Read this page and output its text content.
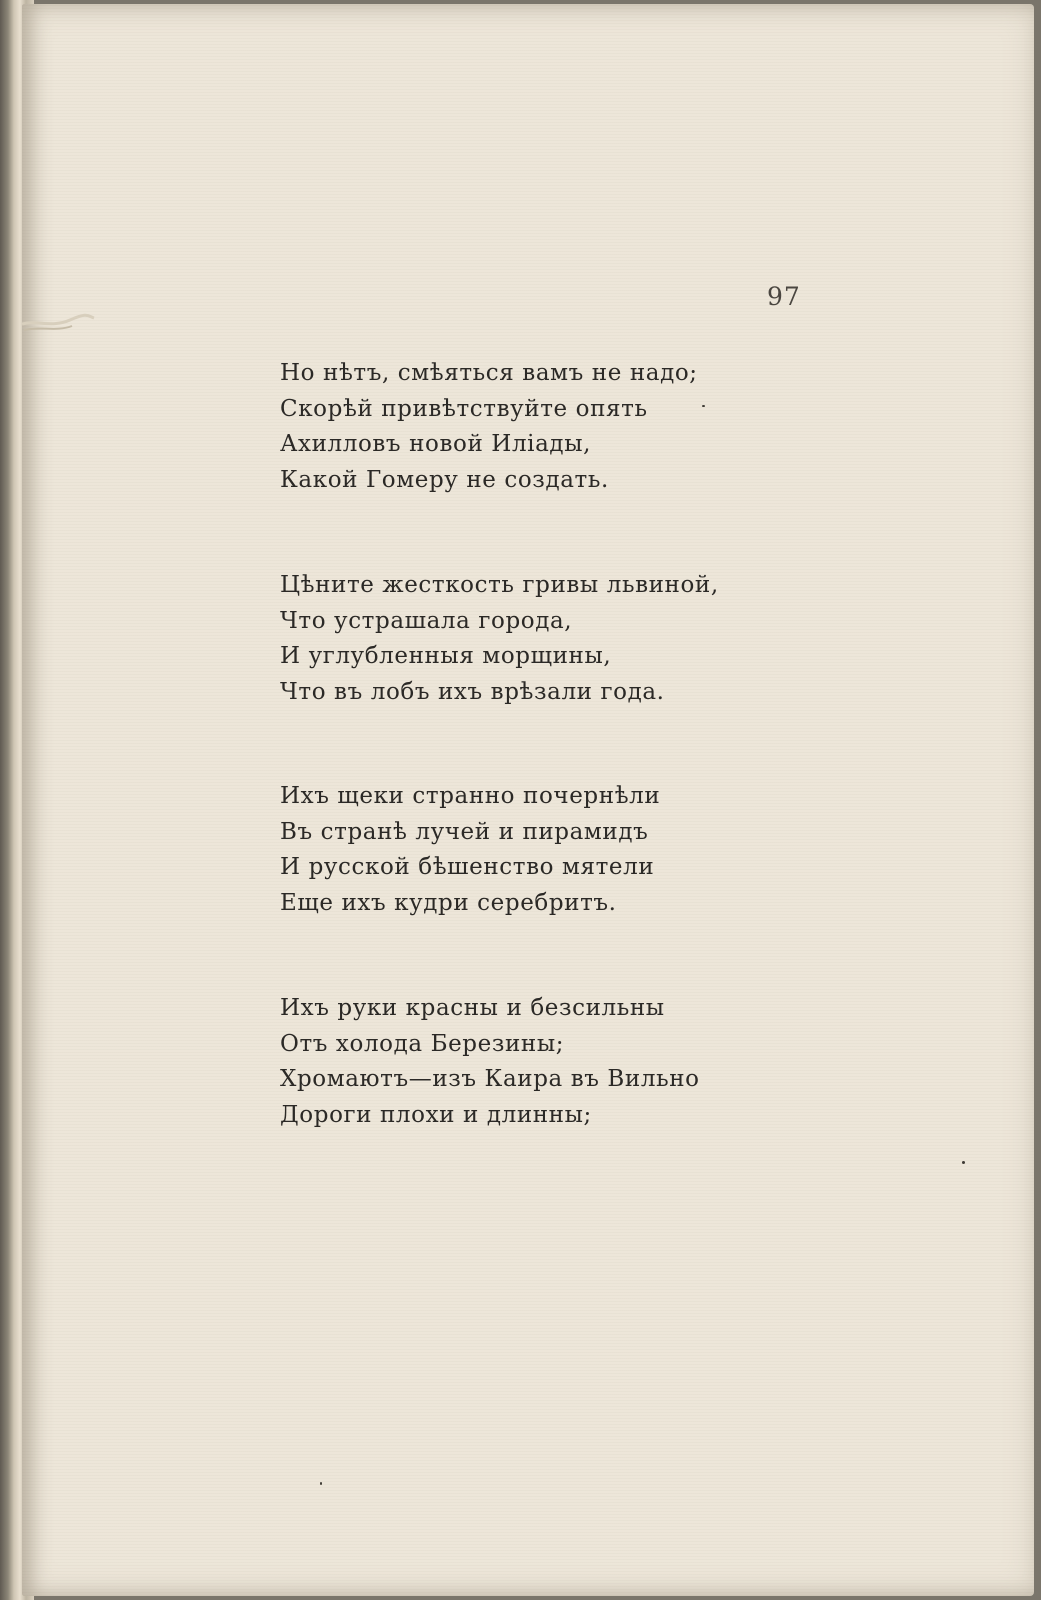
97
Но нѣтъ, смѣяться вамъ не надо;
Скорѣй привѣтствуйте опять
Ахилловъ новой Иліады,
Какой Гомеру не создать.
Цѣните жесткость гривы львиной,
Что устрашала города,
И углубленныя морщины,
Что въ лобъ ихъ врѣзали года.
Ихъ щеки странно почернѣли
Въ странѣ лучей и пирамидъ
И русской бѣшенство мятели
Еще ихъ кудри серебритъ.
Ихъ руки красны и безсильны
Отъ холода Березины;
Хромаютъ—изъ Каира въ Вильно
Дороги плохи и длинны;
